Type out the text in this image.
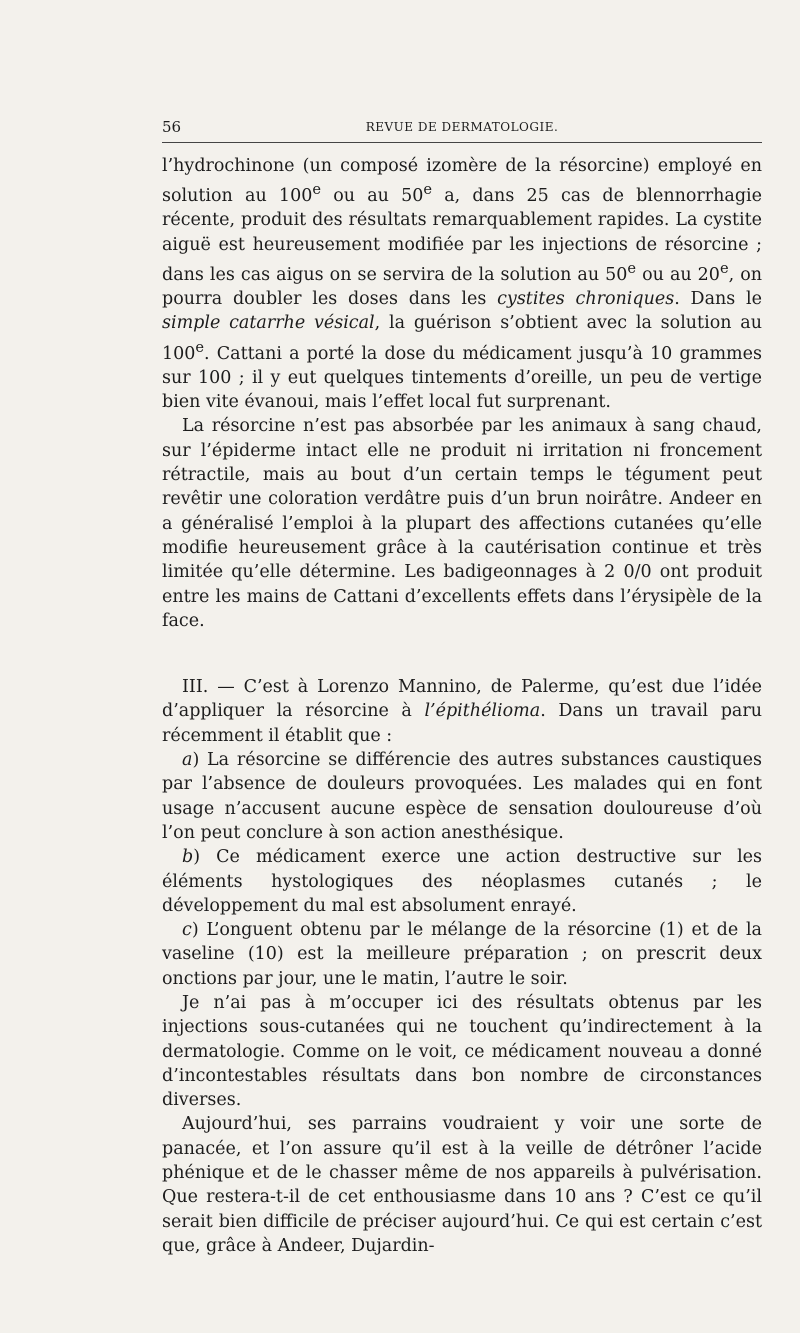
56	REVUE DE DERMATOLOGIE.

l’hydrochinone (un composé izomère de la résorcine) employé en solution au 100e ou au 50e a, dans 25 cas de blennorrhagie récente, produit des résultats remarquablement rapides. La cystite aiguë est heureusement modifiée par les injections de résorcine ; dans les cas aigus on se servira de la solution au 50e ou au 20e, on pourra doubler les doses dans les cystites chroniques. Dans le simple catarrhe vésical, la guérison s’obtient avec la solution au 100e. Cattani a porté la dose du médicament jusqu’à 10 grammes sur 100 ; il y eut quelques tintements d’oreille, un peu de vertige bien vite évanoui, mais l’effet local fut surprenant.

La résorcine n’est pas absorbée par les animaux à sang chaud, sur l’épiderme intact elle ne produit ni irritation ni froncement rétractile, mais au bout d’un certain temps le tégument peut revêtir une coloration verdâtre puis d’un brun noirâtre. Andeer en a généralisé l’emploi à la plupart des affections cutanées qu’elle modifie heureusement grâce à la cautérisation continue et très limitée qu’elle détermine. Les badigeonnages à 2 0/0 ont produit entre les mains de Cattani d’excellents effets dans l’érysipèle de la face.

III. — C’est à Lorenzo Mannino, de Palerme, qu’est due l’idée d’appliquer la résorcine à l’épithélioma. Dans un travail paru récemment il établit que :

a) La résorcine se différencie des autres substances caustiques par l’absence de douleurs provoquées. Les malades qui en font usage n’accusent aucune espèce de sensation douloureuse d’où l’on peut conclure à son action anesthésique.

b) Ce médicament exerce une action destructive sur les éléments hystologiques des néoplasmes cutanés ; le développement du mal est absolument enrayé.

c) L’onguent obtenu par le mélange de la résorcine (1) et de la vaseline (10) est la meilleure préparation ; on prescrit deux onctions par jour, une le matin, l’autre le soir.

Je n’ai pas à m’occuper ici des résultats obtenus par les injections sous-cutanées qui ne touchent qu’indirectement à la dermatologie. Comme on le voit, ce médicament nouveau a donné d’incontestables résultats dans bon nombre de circonstances diverses.

Aujourd’hui, ses parrains voudraient y voir une sorte de panacée, et l’on assure qu’il est à la veille de détrôner l’acide phénique et de le chasser même de nos appareils à pulvérisation. Que restera-t-il de cet enthousiasme dans 10 ans ? C’est ce qu’il serait bien difficile de préciser aujourd’hui. Ce qui est certain c’est que, grâce à Andeer, Dujardin-
